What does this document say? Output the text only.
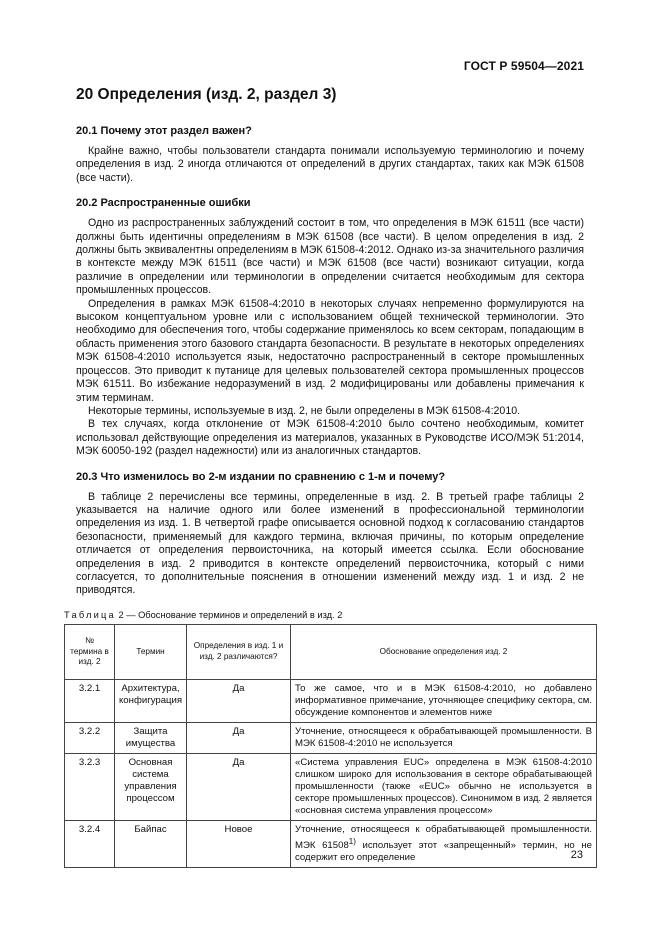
ГОСТ Р 59504—2021
20 Определения (изд. 2, раздел 3)
20.1 Почему этот раздел важен?

Крайне важно, чтобы пользователи стандарта понимали используемую терминологию и почему определения в изд. 2 иногда отличаются от определений в других стандартах, таких как МЭК 61508 (все части).

20.2 Распространенные ошибки

Одно из распространенных заблуждений состоит в том, что определения в МЭК 61511 (все части) должны быть идентичны определениям в МЭК 61508 (все части). В целом определения в изд. 2 должны быть эквивалентны определениям в МЭК 61508-4:2012. Однако из-за значительного различия в контексте между МЭК 61511 (все части) и МЭК 61508 (все части) возникают ситуации, когда различие в определении или терминологии в определении считается необходимым для сектора промышленных процессов.

Определения в рамках МЭК 61508-4:2010 в некоторых случаях непременно формулируются на высоком концептуальном уровне или с использованием общей технической терминологии. Это необходимо для обеспечения того, чтобы содержание применялось ко всем секторам, попадающим в область применения этого базового стандарта безопасности. В результате в некоторых определениях МЭК 61508-4:2010 используется язык, недостаточно распространенный в секторе промышленных процессов. Это приводит к путанице для целевых пользователей сектора промышленных процессов МЭК 61511. Во избежание недоразумений в изд. 2 модифицированы или добавлены примечания к этим терминам.

Некоторые термины, используемые в изд. 2, не были определены в МЭК 61508-4:2010.

В тех случаях, когда отклонение от МЭК 61508-4:2010 было сочтено необходимым, комитет использовал действующие определения из материалов, указанных в Руководстве ИСО/МЭК 51:2014, МЭК 60050-192 (раздел надежности) или из аналогичных стандартов.

20.3 Что изменилось во 2-м издании по сравнению с 1-м и почему?

В таблице 2 перечислены все термины, определенные в изд. 2. В третьей графе таблицы 2 указывается на наличие одного или более изменений в профессиональной терминологии определения из изд. 1. В четвертой графе описывается основной подход к согласованию стандартов безопасности, применяемый для каждого термина, включая причины, по которым определение отличается от определения первоисточника, на который имеется ссылка. Если обоснование определения в изд. 2 приводится в контексте определений первоисточника, который с ними согласуется, то дополнительные пояснения в отношении изменений между изд. 1 и изд. 2 не приводятся.

Таблица 2 — Обоснование терминов и определений в изд. 2
№ термина в изд. 2	Термин	Определения в изд. 1 и изд. 2 различаются?	Обоснование определения изд. 2
3.2.1	Архитектура, конфигурация	Да	То же самое, что и в МЭК 61508-4:2010, но добавлено информативное примечание, уточняющее специфику сектора, см. обсуждение компонентов и элементов ниже
3.2.2	Защита имущества	Да	Уточнение, относящееся к обрабатывающей промышленности. В МЭК 61508-4:2010 не используется
3.2.3	Основная система управления процессом	Да	«Система управления EUC» определена в МЭК 61508-4:2010 слишком широко для использования в секторе обрабатывающей промышленности (также «EUC» обычно не используется в секторе промышленных процессов). Синонимом в изд. 2 является «основная система управления процессом»
3.2.4	Байпас	Новое	Уточнение, относящееся к обрабатывающей промышленности. МЭК 61508$^{1)}$ использует этот «запрещенный» термин, но не содержит его определение	23
